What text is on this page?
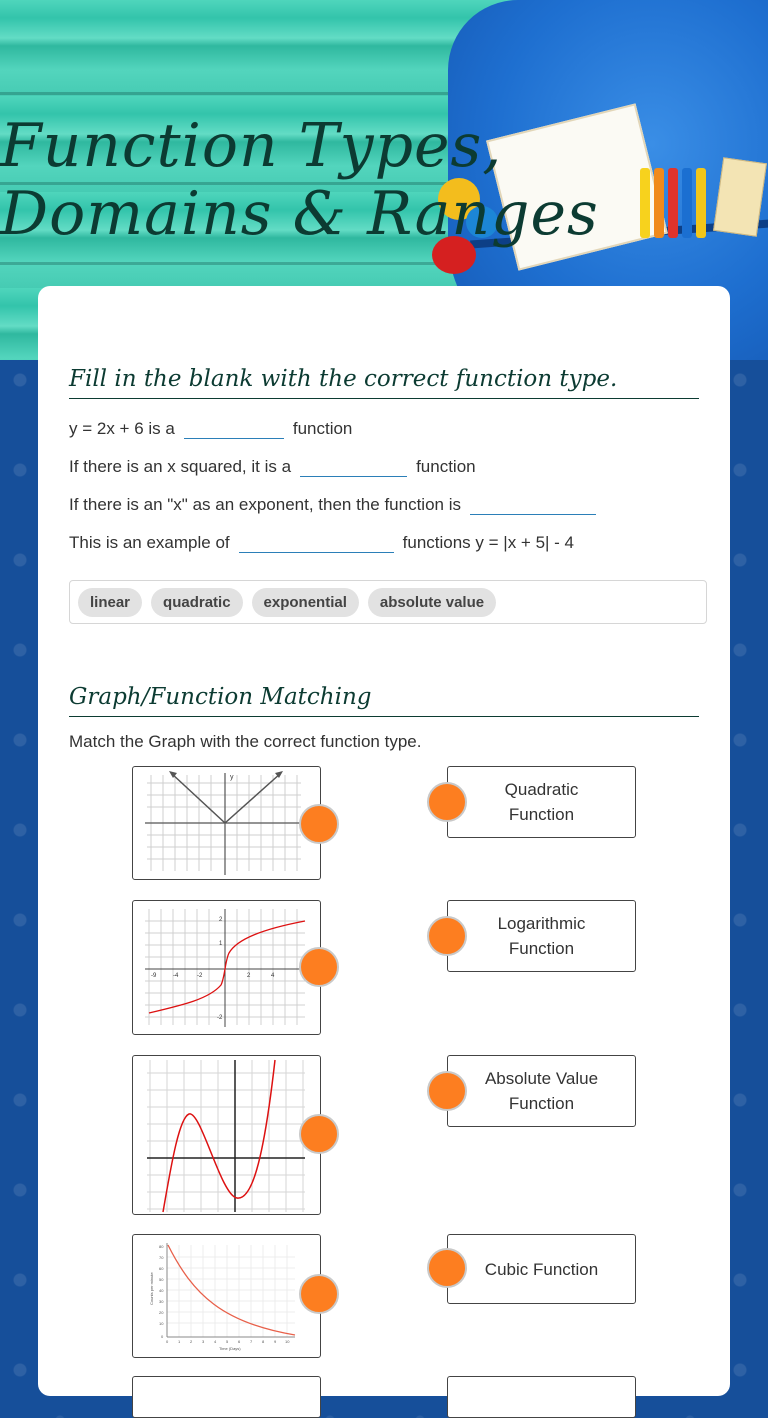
Function Types, Domains & Ranges
Fill in the blank with the correct function type.
y = 2x + 6 is a	function
If there is an x squared, it is a	function
If there is an "x" as an exponent, then the function is
This is an example of	functions y = |x + 5| - 4
linear	quadratic	exponential	absolute value
Graph/Function Matching
Match the Graph with the correct function type.
y
2
1
-2
-9	-4	-2	2	4
80
70
60
50
40
30
20
10
0
0 1 2 3 4 5 6 7 8 9 10
Time (Days)
Counts per minute
Quadratic Function
Logarithmic Function
Absolute Value Function
Cubic Function
